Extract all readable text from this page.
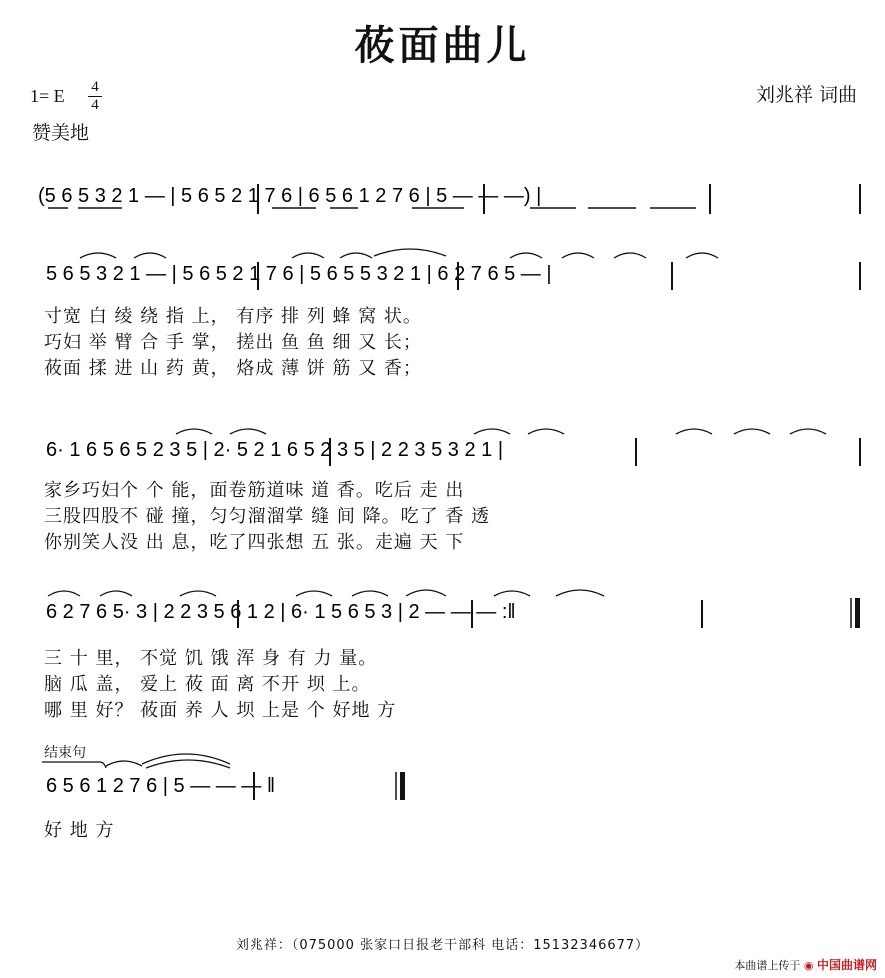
莜面曲儿
1= E 4
4
赞美地
刘兆祥 词曲
(5 6 5 3 2 1 — | 5 6 5 2 1 7 6 | 6 5 6 1 2 7 6 | 5 — — —) |
5 6 5 3 2 1 — | 5 6 5 2 1 7 6 | 5 6 5 5 3 2 1 | 6 2 7 6 5 — |
寸宽 白 绫 绕 指 上， 有序 排 列 蜂 窝 状。
巧妇 举 臂 合 手 掌， 搓出 鱼 鱼 细 又 长；
莜面 揉 进 山 药 黄， 烙成 薄 饼 筋 又 香；
6· 1 6 5 6 5 2 3 5 | 2· 5 2 1 6 5 2 3 5 | 2 2 3 5 3 2 1 |
家乡巧妇个 个 能，面卷筋道味 道 香。吃后 走 出
三股四股不 碰 撞，匀匀溜溜掌 缝 间 降。吃了 香 透
你别笑人没 出 息，吃了四张想 五 张。走遍 天 下
6 2 7 6 5· 3 | 2 2 3 5 6 1 2 | 6· 1 5 6 5 3 | 2 — — — :‖
三 十 里， 不觉 饥 饿 浑 身 有 力 量。
脑 瓜 盖， 爱上 莜 面 离 不开 坝 上。
哪 里 好？ 莜面 养 人 坝 上是 个 好地 方
结束句
6 5 6 1 2 7 6 | 5 — — — ‖
好 地 方
刘兆祥：（075000 张家口日报老干部科 电话：15132346677）
本曲谱上传于 ◉ 中国曲谱网
